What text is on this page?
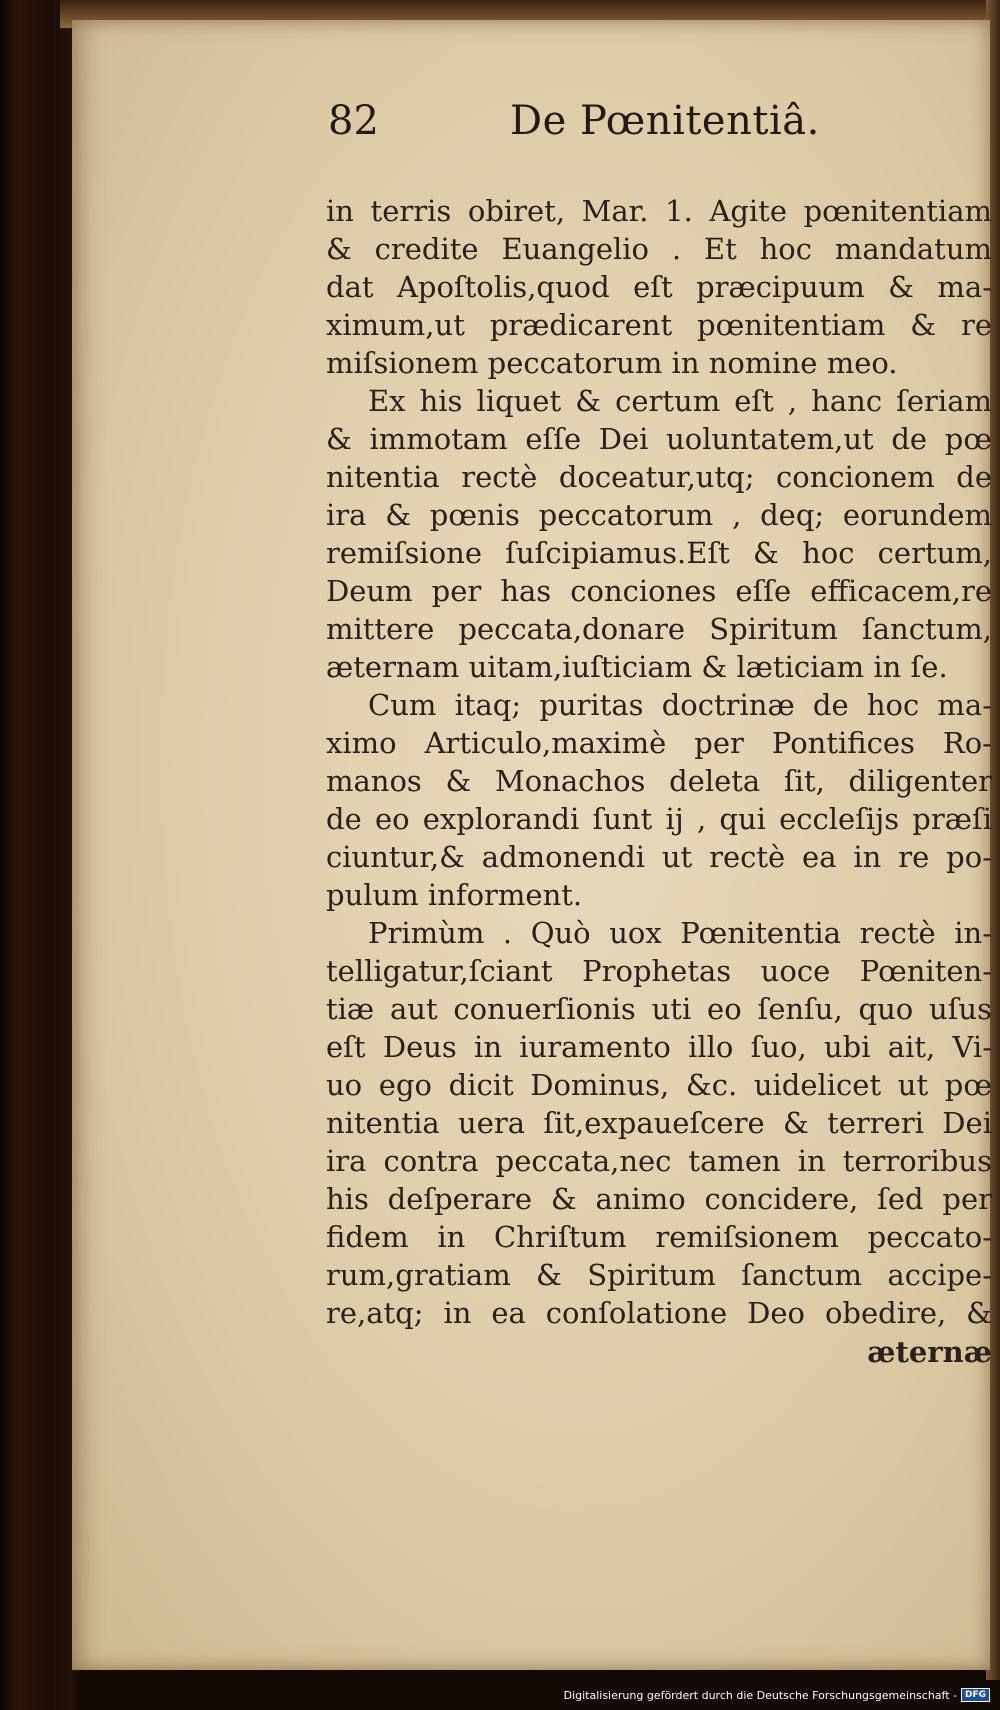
82	De Pœnitentiâ.
in terris obiret, Mar. 1. Agite pœnitentiam
& credite Euangelio . Et hoc mandatum
dat Apoſtolis,quod eſt præcipuum & ma-
ximum,ut prædicarent pœnitentiam & re
miſsionem peccatorum in nomine meo.
Ex his liquet & certum eſt , hanc ſeriam
& immotam eſſe Dei uoluntatem,ut de pœ
nitentia rectè doceatur,utq; concionem de
ira & pœnis peccatorum , deq; eorundem
remiſsione ſuſcipiamus.Eſt & hoc certum,
Deum per has conciones eſſe efficacem,re
mittere peccata,donare Spiritum ſanctum,
æternam uitam,iuſticiam & læticiam in ſe.
Cum itaq; puritas doctrinæ de hoc ma-
ximo Articulo,maximè per Pontifices Ro-
manos & Monachos deleta ſit, diligenter
de eo explorandi ſunt ij , qui eccleſijs præſi
ciuntur,& admonendi ut rectè ea in re po-
pulum informent.
Primùm . Quò uox Pœnitentia rectè in-
telligatur,ſciant Prophetas uoce Pœniten-
tiæ aut conuerſionis uti eo ſenſu, quo uſus
eſt Deus in iuramento illo ſuo, ubi ait, Vi-
uo ego dicit Dominus, &c. uidelicet ut pœ
nitentia uera ſit,expaueſcere & terreri Dei
ira contra peccata,nec tamen in terroribus
his deſperare & animo concidere, ſed per
fidem in Chriſtum remiſsionem peccato-
rum,gratiam & Spiritum ſanctum accipe-
re,atq; in ea conſolatione Deo obedire, &
æternæ
Digitalisierung gefördert durch die Deutsche Forschungsgemeinschaft - DFG
